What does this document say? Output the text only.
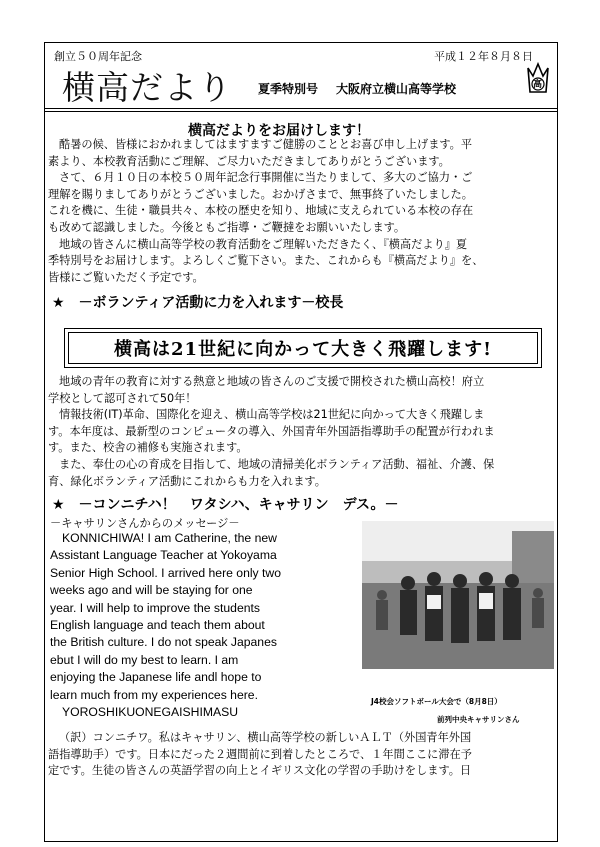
創立５０周年記念	平成１２年８月８日
横高だより 夏季特別号 大阪府立横山高等学校	高
横高だよりをお届けします！

酷暑の候、皆様におかれましてはますますご健勝のこととお喜び申し上げます。平

素より、本校教育活動にご理解、ご尽力いただきましてありがとうございます。

さて、６月１０日の本校５０周年記念行事開催に当たりまして、多大のご協力・ご

理解を賜りましてありがとうございました。おかげさまで、無事終了いたしました。

これを機に、生徒・職員共々、本校の歴史を知り、地域に支えられている本校の存在

も改めて認識しました。今後ともご指導・ご鞭撻をお願いいたします。

地域の皆さんに横山高等学校の教育活動をご理解いただきたく、『横高だより』夏

季特別号をお届けします。よろしくご覧下さい。また、これからも『横高だより』を、

皆様にご覧いただく予定です。

★　－ボランティア活動に力を入れます－校長
横高は21世紀に向かって大きく飛躍します!

地域の青年の教育に対する熱意と地域の皆さんのご支援で開校された横山高校！府立

学校として認可されて50年！

情報技術(IT)革命、国際化を迎え、横山高等学校は21世紀に向かって大きく飛躍しま

す。本年度は、最新型のコンピュータの導入、外国青年外国語指導助手の配置が行われま

す。また、校舎の補修も実施されます。

また、奉仕の心の育成を目指して、地域の清掃美化ボランティア活動、福祉、介護、保

育、緑化ボランティア活動にこれからも力を入れます。

★　－コンニチハ！　ワタシハ、キャサリン　デス。－
－キャサリンさんからのメッセージ－

KONNICHIWA! I am Catherine, the new

Assistant Language Teacher at Yokoyama

Senior High School. I arrived here only two

weeks ago and will be staying for one

year. I will help to improve the students

English language and teach them about

the British culture. I do not speak Japanes

ebut I will do my best to learn. I am

enjoying the Japanese life andl hope to

learn much from my experiences here.

YOROSHIKUONEGAISHIMASU

J4校会ソフトボール大会で（8月8日）
前列中央キャサリンさん

（訳）コンニチワ。私はキャサリン、横山高等学校の新しいＡＬＴ（外国青年外国

語指導助手）です。日本にだった２週間前に到着したところで、１年間ここに滞在予

定です。生徒の皆さんの英語学習の向上とイギリス文化の学習の手助けをします。日
